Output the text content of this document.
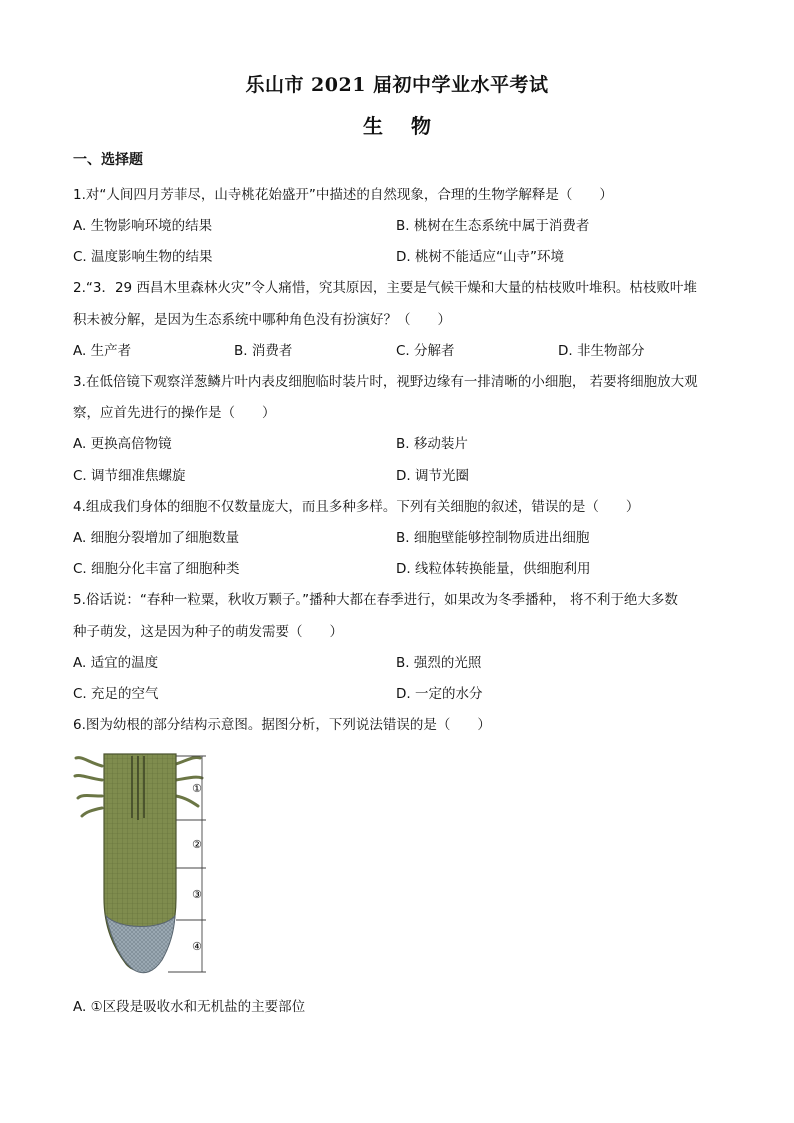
乐山市 2021 届初中学业水平考试
生物
一、选择题
1.对“人间四月芳菲尽，山寺桃花始盛开”中描述的自然现象，合理的生物学解释是（　　）
A. 生物影响环境的结果	B. 桃树在生态系统中属于消费者
C. 温度影响生物的结果	D. 桃树不能适应“山寺”环境
2.“3．29 西昌木里森林火灾”令人痛惜，究其原因，主要是气候干燥和大量的枯枝败叶堆积。枯枝败叶堆
积未被分解，是因为生态系统中哪种角色没有扮演好？（　　）
A. 生产者	B. 消费者	C. 分解者	D. 非生物部分
3.在低倍镜下观察洋葱鳞片叶内表皮细胞临时装片时，视野边缘有一排清晰的小细胞， 若要将细胞放大观
察，应首先进行的操作是（　　）
A. 更换高倍物镜	B. 移动装片
C. 调节细准焦螺旋	D. 调节光圈
4.组成我们身体的细胞不仅数量庞大，而且多种多样。下列有关细胞的叙述，错误的是（　　）
A. 细胞分裂增加了细胞数量	B. 细胞壁能够控制物质进出细胞
C. 细胞分化丰富了细胞种类	D. 线粒体转换能量，供细胞利用
5.俗话说：“春种一粒粟，秋收万颗子。”播种大都在春季进行，如果改为冬季播种， 将不利于绝大多数
种子萌发，这是因为种子的萌发需要（　　）
A. 适宜的温度	B. 强烈的光照
C. 充足的空气	D. 一定的水分
6.图为幼根的部分结构示意图。据图分析，下列说法错误的是（　　）
①
②
③
④
A. ①区段是吸收水和无机盐的主要部位
